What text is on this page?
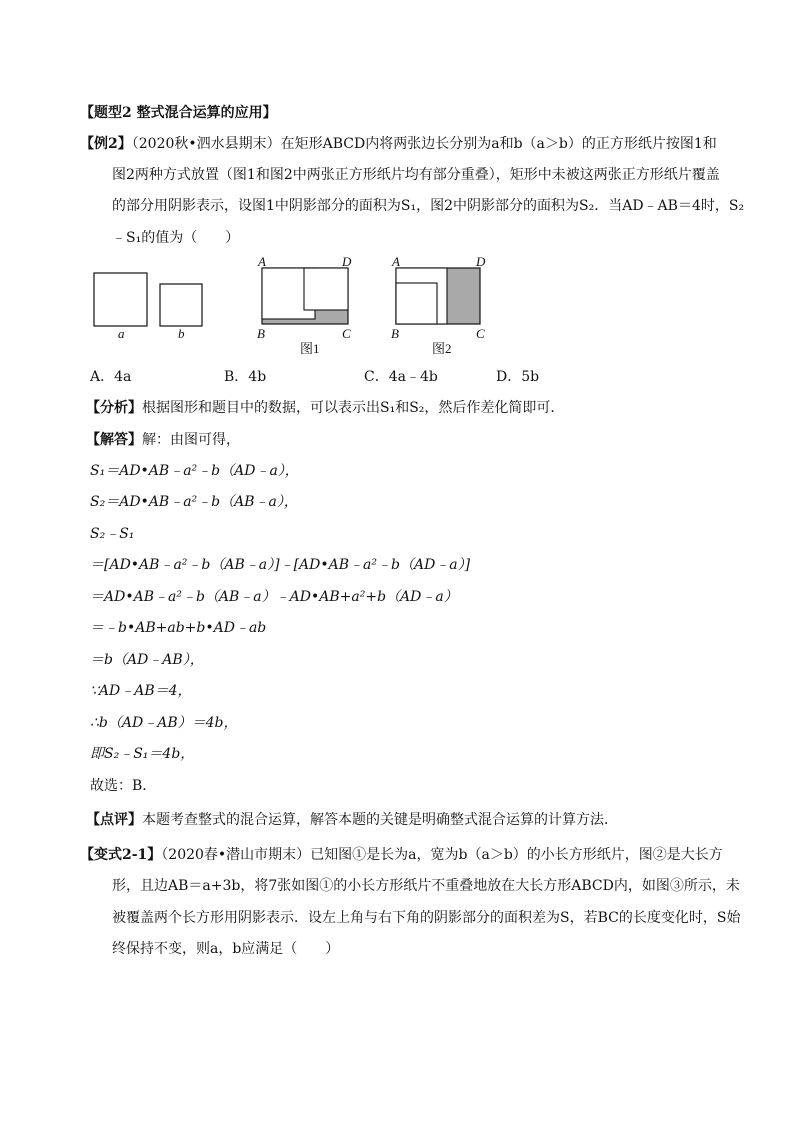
【题型2 整式混合运算的应用】
【例2】（2020秋•泗水县期末）在矩形ABCD内将两张边长分别为a和b（a＞b）的正方形纸片按图1和
图2两种方式放置（图1和图2中两张正方形纸片均有部分重叠），矩形中未被这两张正方形纸片覆盖
的部分用阴影表示，设图1中阴影部分的面积为S₁，图2中阴影部分的面积为S₂．当AD﹣AB＝4时，S₂
﹣S₁的值为（　　）
a	b
A	D
B	C
图1
A	D
B	C
图2
A．4a	B．4b	C．4a﹣4b	D．5b
【分析】根据图形和题目中的数据，可以表示出S₁和S₂，然后作差化简即可．
【解答】解：由图可得，
S₁＝AD•AB﹣a²﹣b（AD﹣a），
S₂＝AD•AB﹣a²﹣b（AB﹣a），
S₂﹣S₁
＝[AD•AB﹣a²﹣b（AB﹣a）]﹣[AD•AB﹣a²﹣b（AD﹣a）]
＝AD•AB﹣a²﹣b（AB﹣a）﹣AD•AB+a²+b（AD﹣a）
＝﹣b•AB+ab+b•AD﹣ab
＝b（AD﹣AB），
∵AD﹣AB＝4，
∴b（AD﹣AB）＝4b，
即S₂﹣S₁＝4b，
故选：B．
【点评】本题考查整式的混合运算，解答本题的关键是明确整式混合运算的计算方法．
【变式2-1】（2020春•潜山市期末）已知图①是长为a，宽为b（a＞b）的小长方形纸片，图②是大长方
形，且边AB＝a+3b，将7张如图①的小长方形纸片不重叠地放在大长方形ABCD内，如图③所示，未
被覆盖两个长方形用阴影表示．设左上角与右下角的阴影部分的面积差为S，若BC的长度变化时，S始
终保持不变，则a，b应满足（　　）
